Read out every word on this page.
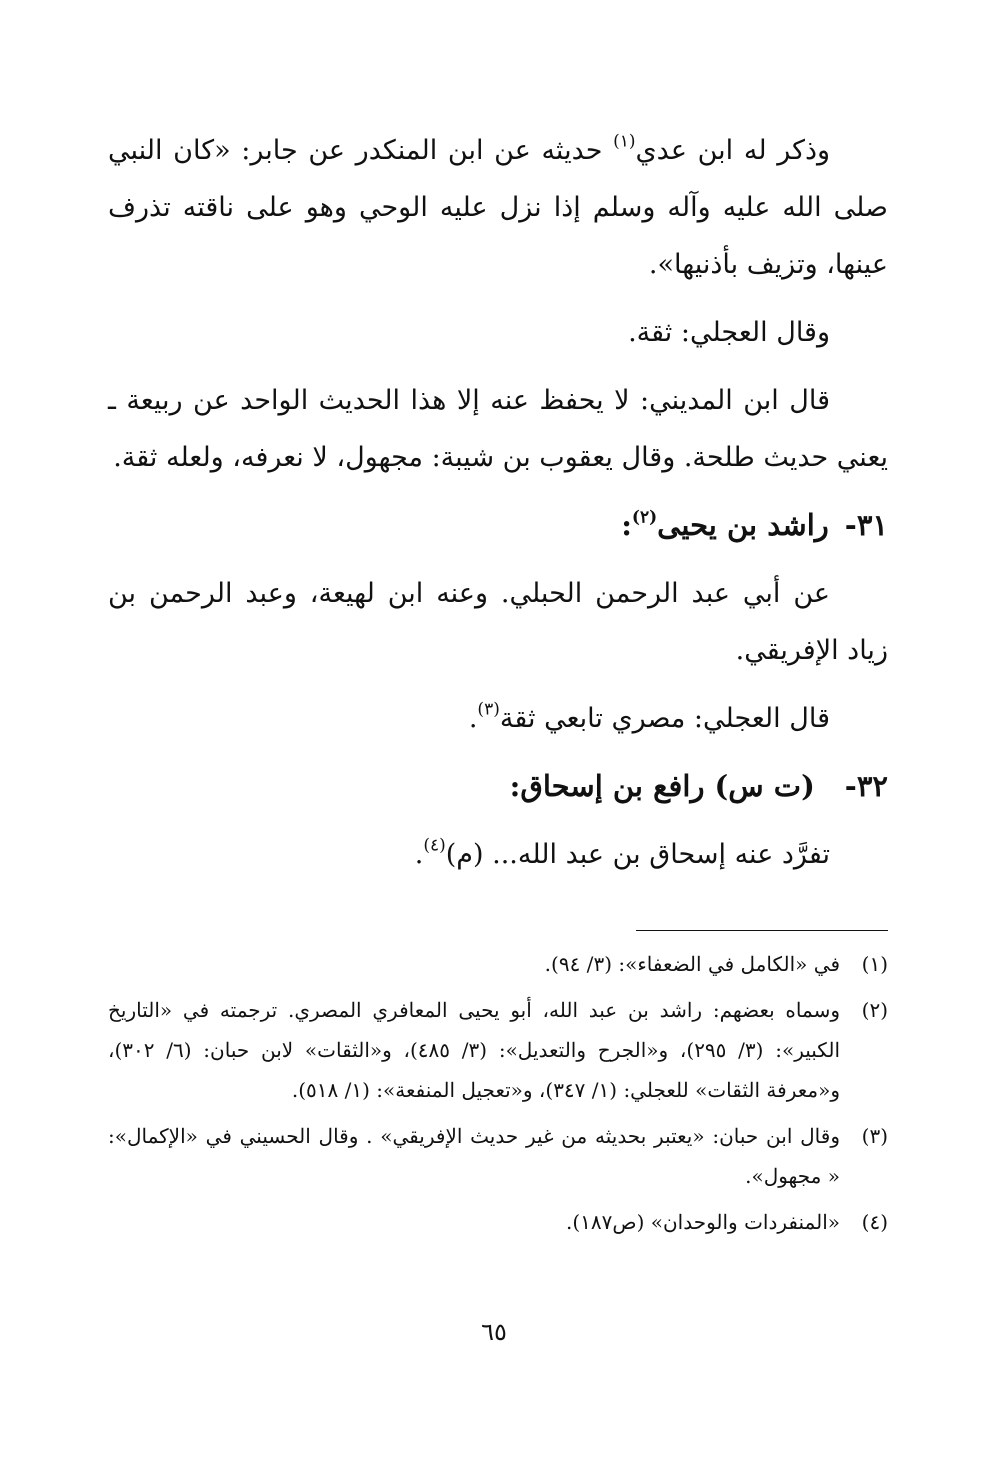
وذكر له ابن عدي$^{(١)}$ حديثه عن ابن المنكدر عن جابر: «كان النبي صلى الله عليه وآله وسلم إذا نزل عليه الوحي وهو على ناقته تذرف عينها، وتزيف بأذنيها».

وقال العجلي: ثقة.

قال ابن المديني: لا يحفظ عنه إلا هذا الحديث الواحد عن ربيعة ـ يعني حديث طلحة. وقال يعقوب بن شيبة: مجهول، لا نعرفه، ولعله ثقة.

٣١-راشد بن يحيى$^{(٢)}$:

عن أبي عبد الرحمن الحبلي. وعنه ابن لهيعة، وعبد الرحمن بن زياد الإفريقي.

قال العجلي: مصري تابعي ثقة$^{(٣)}$.

٣٢-(ت س) رافع بن إسحاق:

تفرَّد عنه إسحاق بن عبد الله... (م)$^{(٤)}$.

(١)
في «الكامل في الضعفاء»: (٣/ ٩٤).
(٢)
وسماه بعضهم: راشد بن عبد الله، أبو يحيى المعافري المصري. ترجمته في «التاريخ الكبير»: (٣/ ٢٩٥)، و«الجرح والتعديل»: (٣/ ٤٨٥)، و«الثقات» لابن حبان: (٦/ ٣٠٢)، و«معرفة الثقات» للعجلي: (١/ ٣٤٧)، و«تعجيل المنفعة»: (١/ ٥١٨).
(٣)
وقال ابن حبان: «يعتبر بحديثه من غير حديث الإفريقي» . وقال الحسيني في «الإكمال»: « مجهول».
(٤)
«المنفردات والوحدان» (ص١٨٧).
٦٥
